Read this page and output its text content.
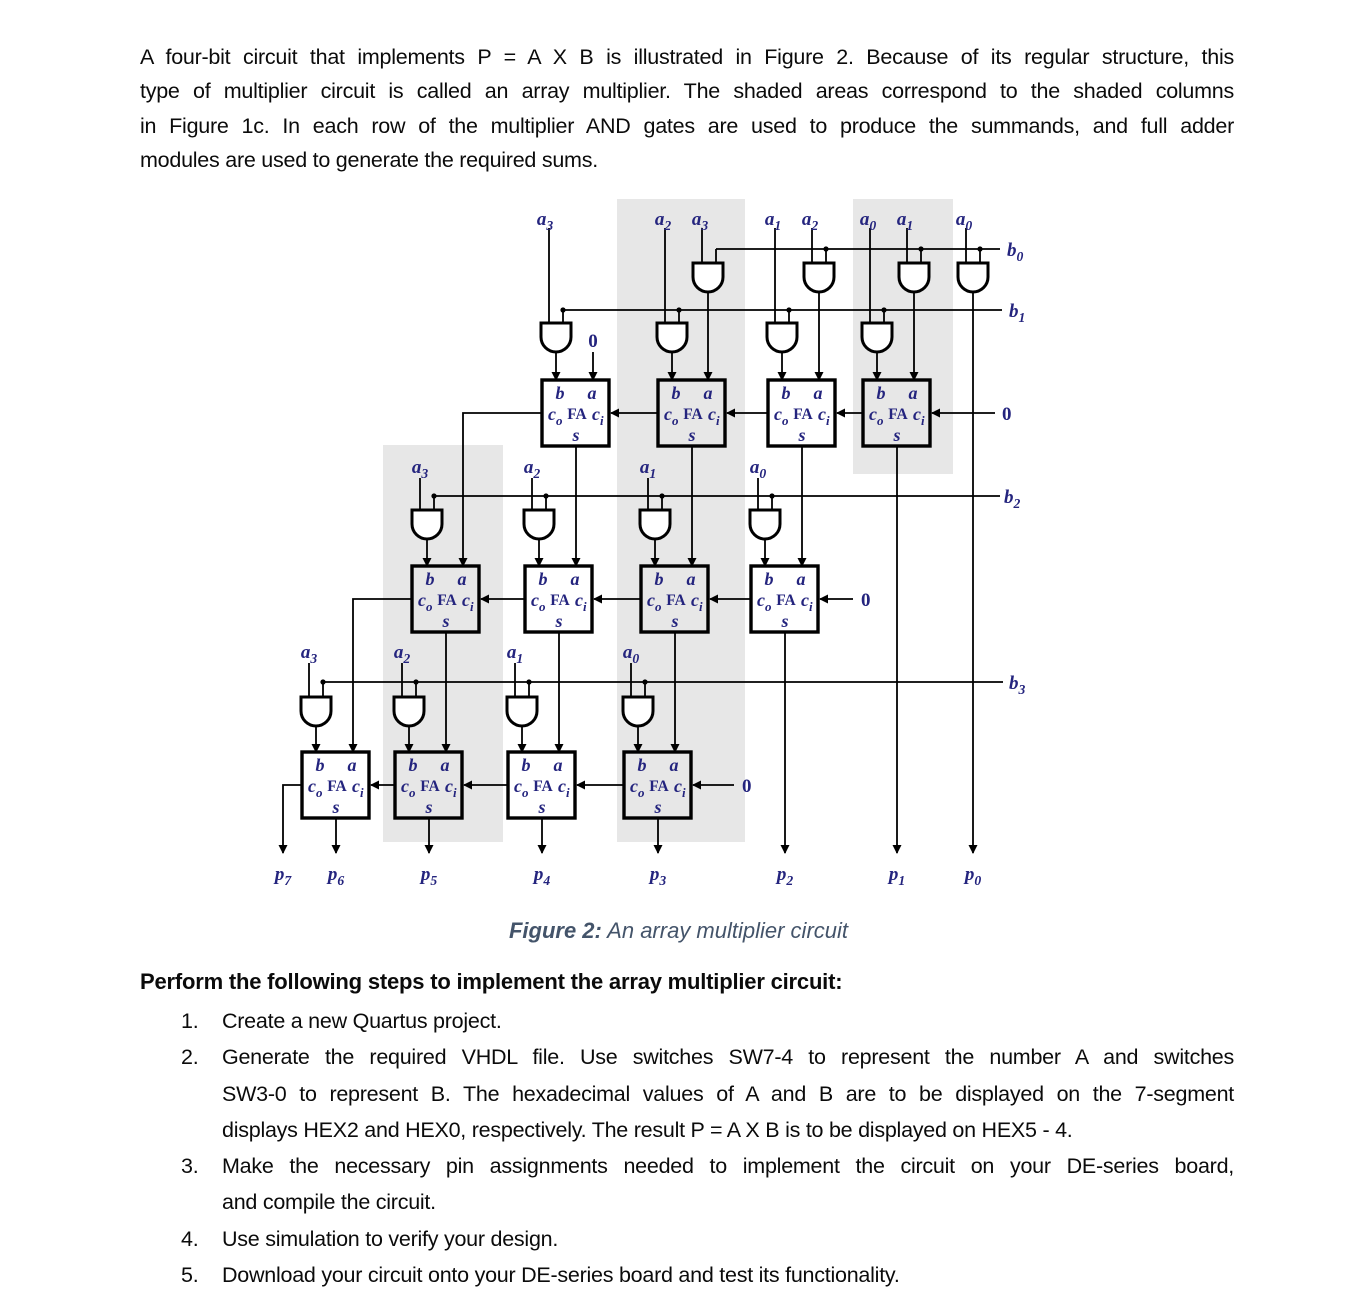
A four-bit circuit that implements P = A X B is illustrated in Figure 2. Because of its regular structure, this
type of multiplier circuit is called an array multiplier. The shaded areas correspond to the shaded columns
in Figure 1c. In each row of the multiplier AND gates are used to produce the summands, and full adder
modules are used to generate the required sums.
b a
$c_o$ FA $c_i$
s
b a
$c_o$ FA $c_i$
s
b a
$c_o$ FA $c_i$
s
b a
$c_o$ FA $c_i$
s
b a
$c_o$ FA $c_i$
s
b a
$c_o$ FA $c_i$
s
b a
$c_o$ FA $c_i$
s
b a
$c_o$ FA $c_i$
s
b a
$c_o$ FA $c_i$
s
b a
$c_o$ FA $c_i$
s
b a
$c_o$ FA $c_i$
s
b a
$c_o$ FA $c_i$
s
$a_3$	$a_2$ $a_3$	$a_1$ $a_2$ $a_0$ $a_1$ $a_0$
$a_3$	$a_2$	$a_1$	$a_0$
$a_3$	$a_2$	$a_1$	$a_0$
$b_0$
$b_1$
$b_2$
$b_3$
$p_7$ $p_6$	$p_5$	$p_4$	$p_3$	$p_2$	$p_1$	$p_0$
0
0
0
0
Figure 2: An array multiplier circuit
Perform the following steps to implement the array multiplier circuit:
1.	Create a new Quartus project.
2.	Generate the required VHDL file. Use switches SW7-4 to represent the number A and switches
SW3-0 to represent B. The hexadecimal values of A and B are to be displayed on the 7-segment
displays HEX2 and HEX0, respectively. The result P = A X B is to be displayed on HEX5 - 4.
3.	Make the necessary pin assignments needed to implement the circuit on your DE-series board,
and compile the circuit.
4.	Use simulation to verify your design.
5.	Download your circuit onto your DE-series board and test its functionality.
